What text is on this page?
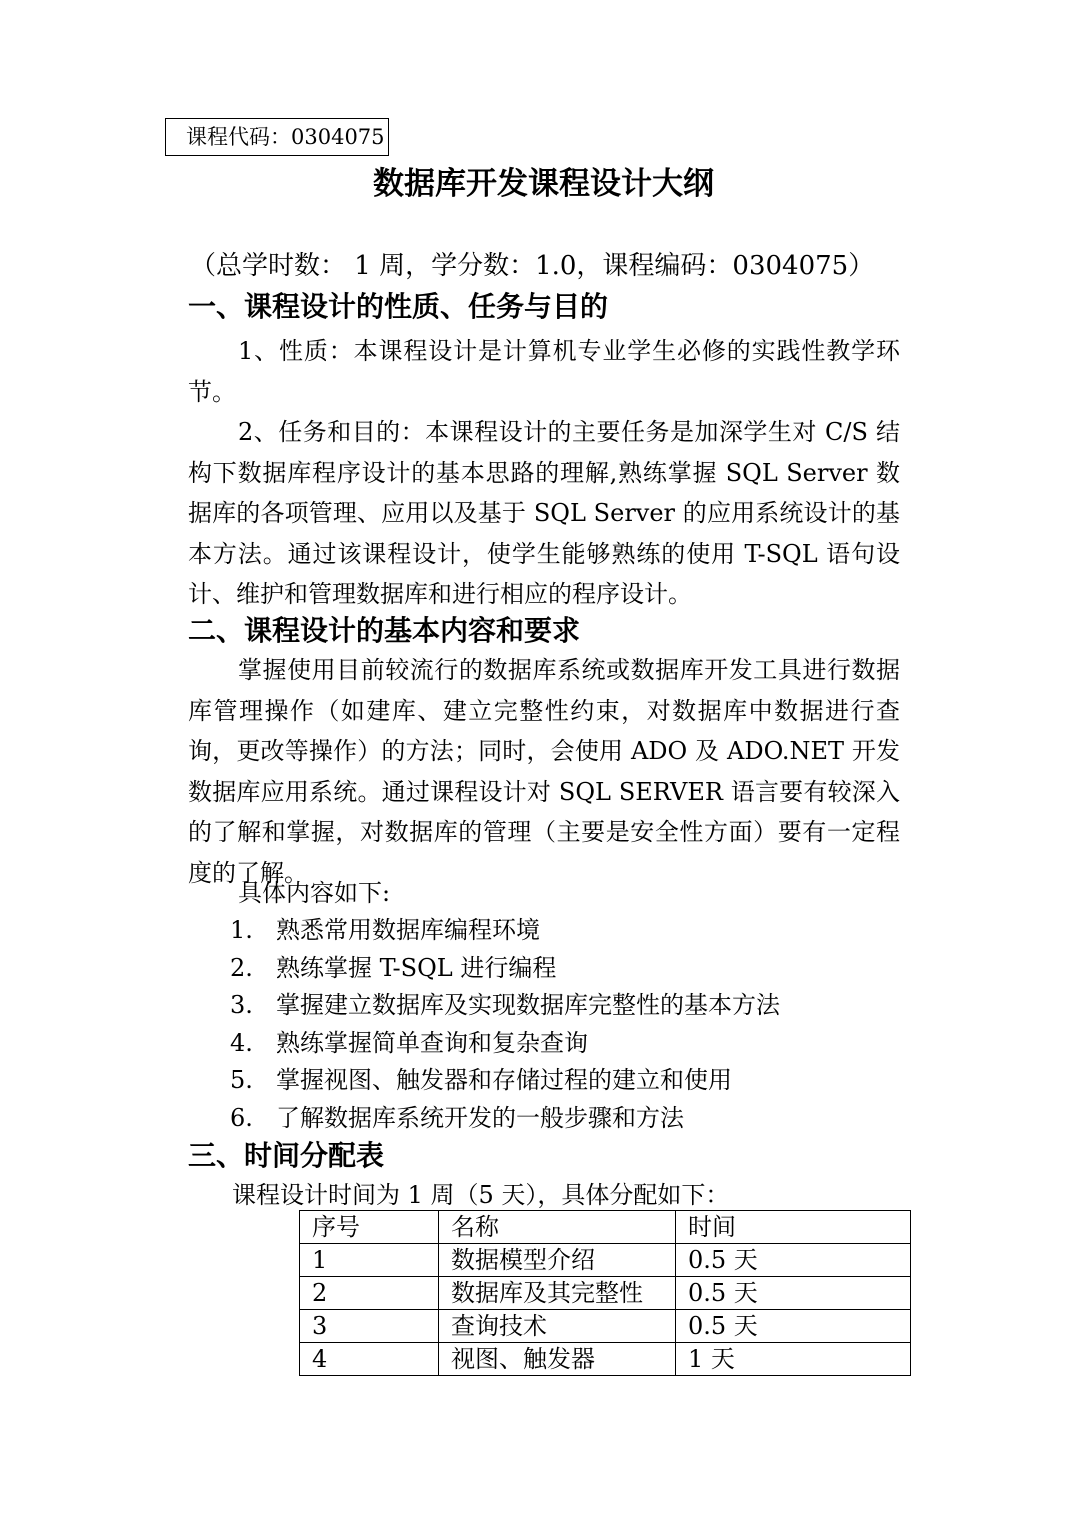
课程代码：0304075
数据库开发课程设计大纲
（总学时数： 1 周，学分数：1.0，课程编码：0304075）
一、课程设计的性质、任务与目的
1、性质：本课程设计是计算机专业学生必修的实践性教学环节。
2、任务和目的：本课程设计的主要任务是加深学生对 C/S 结构下数据库程序设计的基本思路的理解,熟练掌握 SQL Server 数据库的各项管理、应用以及基于 SQL Server 的应用系统设计的基本方法。通过该课程设计，使学生能够熟练的使用 T-SQL 语句设计、维护和管理数据库和进行相应的程序设计。
二、课程设计的基本内容和要求
掌握使用目前较流行的数据库系统或数据库开发工具进行数据库管理操作（如建库、建立完整性约束，对数据库中数据进行查询，更改等操作）的方法；同时，会使用 ADO 及 ADO.NET 开发数据库应用系统。通过课程设计对 SQL SERVER 语言要有较深入的了解和掌握，对数据库的管理（主要是安全性方面）要有一定程度的了解。
具体内容如下:
1. 熟悉常用数据库编程环境
2. 熟练掌握 T-SQL 进行编程
3. 掌握建立数据库及实现数据库完整性的基本方法
4. 熟练掌握简单查询和复杂查询
5. 掌握视图、触发器和存储过程的建立和使用
6. 了解数据库系统开发的一般步骤和方法
三、时间分配表
课程设计时间为 1 周（5 天），具体分配如下：
序号	名称	时间
1	数据模型介绍	0.5 天
2	数据库及其完整性	0.5 天
3	查询技术	0.5 天
4	视图、触发器	1 天
